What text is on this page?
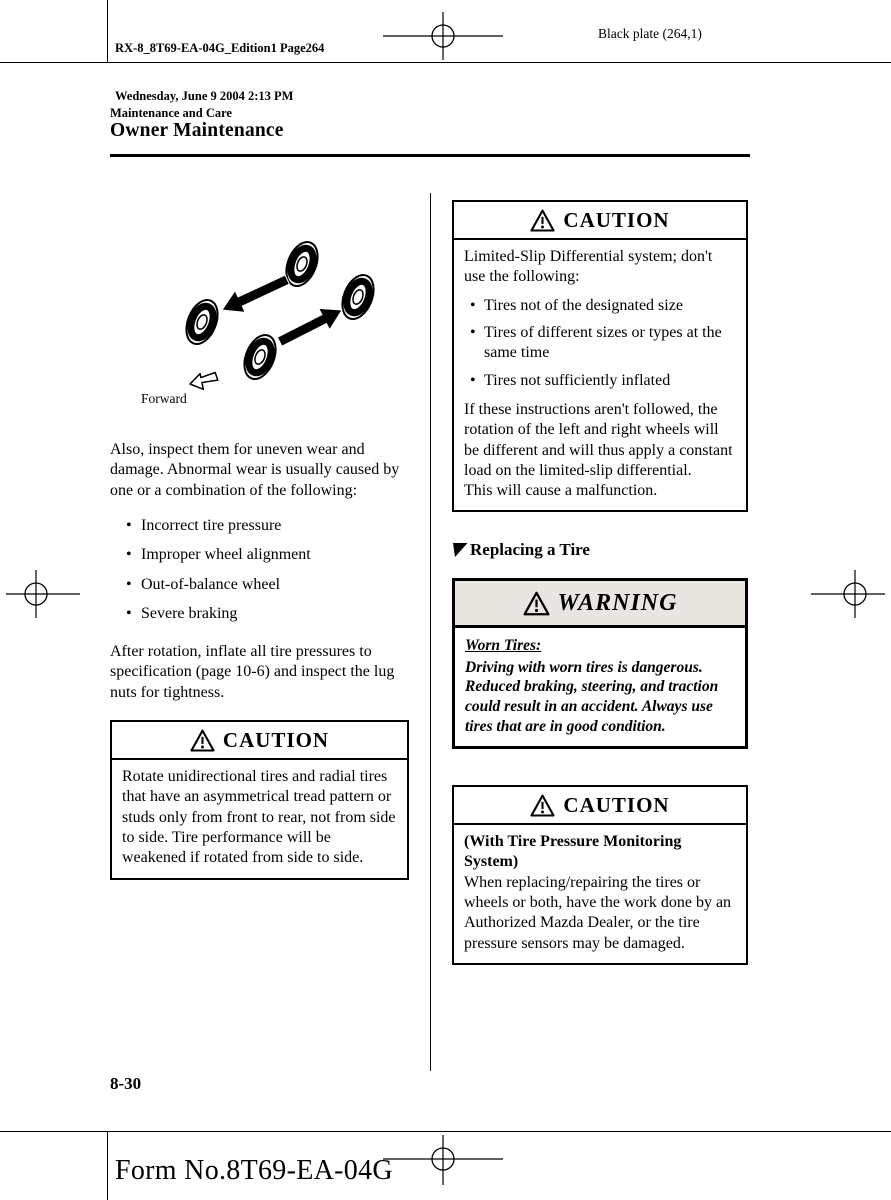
RX-8_8T69-EA-04G_Edition1 Page264

Wednesday, June 9 2004 2:13 PM

Black plate (264,1)
Maintenance and Care
Owner Maintenance
Forward

Also, inspect them for uneven wear and damage. Abnormal wear is usually caused by one or a combination of the following:

• Incorrect tire pressure
• Improper wheel alignment
• Out-of-balance wheel
• Severe braking

After rotation, inflate all tire pressures to specification (page 10-6) and inspect the lug nuts for tightness.

CAUTION

Rotate unidirectional tires and radial tires that have an asymmetrical tread pattern or studs only from front to rear, not from side to side. Tire performance will be weakened if rotated from side to side.

CAUTION

Limited-Slip Differential system; don't use the following:

• Tires not of the designated size
• Tires of different sizes or types at the same time
• Tires not sufficiently inflated

If these instructions aren't followed, the rotation of the left and right wheels will be different and will thus apply a constant load on the limited-slip differential.

This will cause a malfunction.

Replacing a Tire
WARNING

Worn Tires:

Driving with worn tires is dangerous. Reduced braking, steering, and traction could result in an accident. Always use tires that are in good condition.

CAUTION

(With Tire Pressure Monitoring System)

When replacing/repairing the tires or wheels or both, have the work done by an Authorized Mazda Dealer, or the tire pressure sensors may be damaged.

8-30
Form No.8T69-EA-04G
